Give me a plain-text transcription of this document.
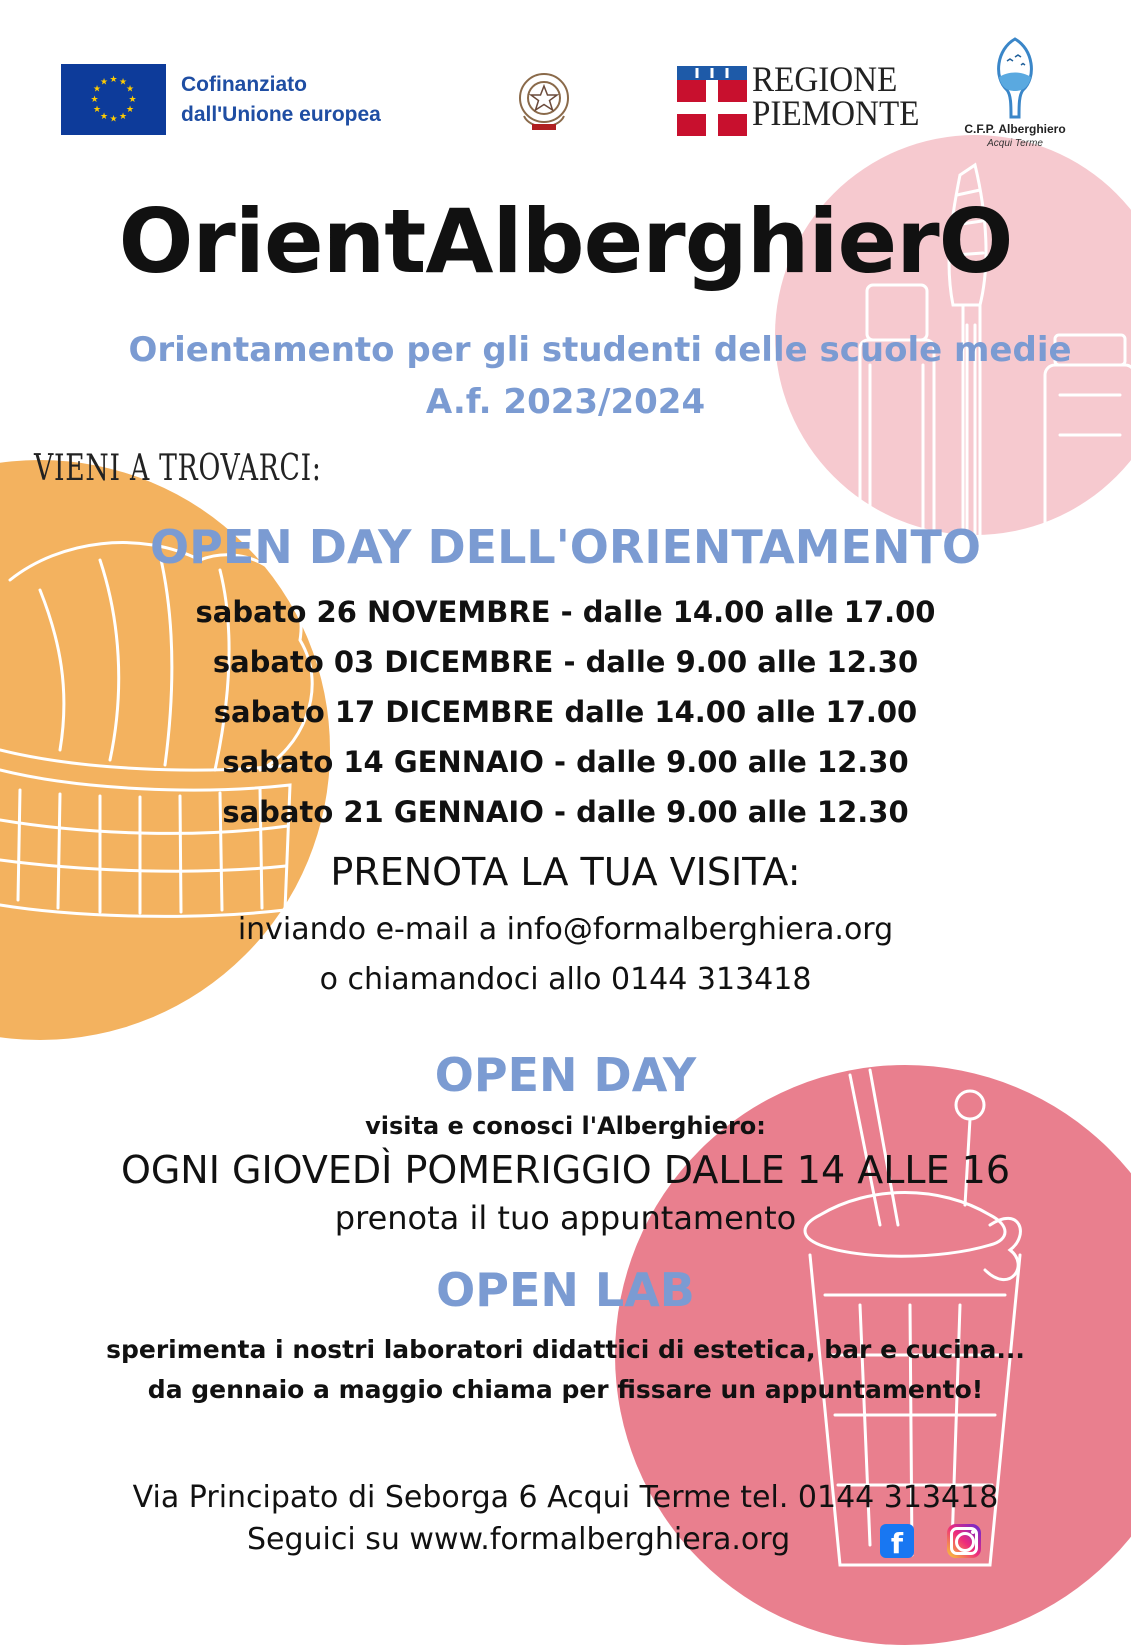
★ ★
★
★
★
★
★
★
★
★
★
★	Cofinanziato
dall'Unione europea
REGIONE
PIEMONTE	C.F.P. Alberghiero
Acqui Terme
OrientAlberghierO
Orientamento per gli studenti delle scuole medie
A.f. 2023/2024
VIENI A TROVARCI:
OPEN DAY DELL'ORIENTAMENTO
sabato 26 NOVEMBRE - dalle 14.00 alle 17.00
sabato 03 DICEMBRE - dalle 9.00 alle 12.30
sabato 17 DICEMBRE dalle 14.00 alle 17.00
sabato 14 GENNAIO - dalle 9.00 alle 12.30
sabato 21 GENNAIO - dalle 9.00 alle 12.30
PRENOTA LA TUA VISITA:
inviando e-mail a info@formalberghiera.org
o chiamandoci allo 0144 313418
OPEN DAY
visita e conosci l'Alberghiero:
OGNI GIOVEDÌ POMERIGGIO DALLE 14 ALLE 16
prenota il tuo appuntamento
OPEN LAB
sperimenta i nostri laboratori didattici di estetica, bar e cucina...
da gennaio a maggio chiama per fissare un appuntamento!
Via Principato di Seborga 6 Acqui Terme tel. 0144 313418
Seguici su www.formalberghiera.org	f
